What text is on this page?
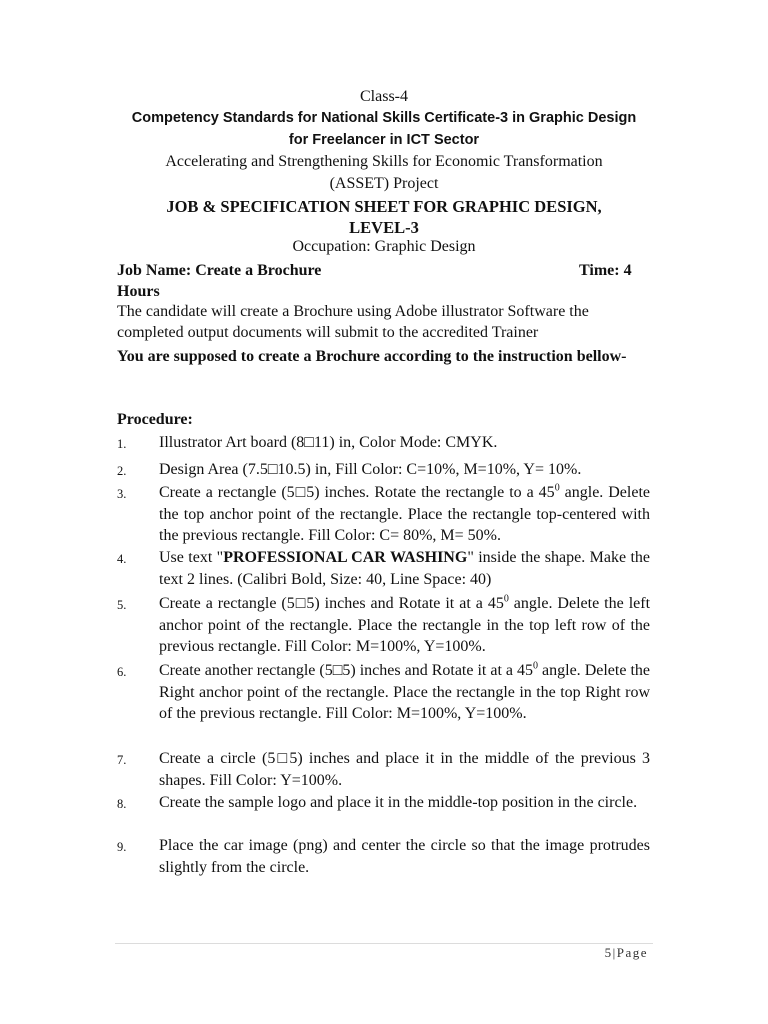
Class-4
Competency Standards for National Skills Certificate-3 in Graphic Design
for Freelancer in ICT Sector
Accelerating and Strengthening Skills for Economic Transformation
(ASSET) Project
JOB & SPECIFICATION SHEET FOR GRAPHIC DESIGN,
LEVEL-3
Occupation: Graphic Design
Job Name: Create a Brochure	Time: 4
Hours
The candidate will create a Brochure using Adobe illustrator Software the completed output documents will submit to the accredited Trainer
You are supposed to create a Brochure according to the instruction bellow-
Procedure:
1. Illustrator Art board (8□11) in, Color Mode: CMYK.
2. Design Area (7.5□10.5) in, Fill Color: C=10%, M=10%, Y= 10%.
3. Create a rectangle (5□5) inches. Rotate the rectangle to a $45^0$ angle. Delete the top anchor point of the rectangle. Place the rectangle top-centered with the previous rectangle. Fill Color: C= 80%, M= 50%.
4. Use text "PROFESSIONAL CAR WASHING" inside the shape. Make the text 2 lines. (Calibri Bold, Size: 40, Line Space: 40)
5. Create a rectangle (5□5) inches and Rotate it at a $45^0$ angle. Delete the left anchor point of the rectangle. Place the rectangle in the top left row of the previous rectangle. Fill Color: M=100%, Y=100%.
6. Create another rectangle (5□5) inches and Rotate it at a $45^0$ angle. Delete the Right anchor point of the rectangle. Place the rectangle in the top Right row of the previous rectangle. Fill Color: M=100%, Y=100%.
7. Create a circle (5□5) inches and place it in the middle of the previous 3 shapes. Fill Color: Y=100%.
8. Create the sample logo and place it in the middle-top position in the circle.
9. Place the car image (png) and center the circle so that the image protrudes slightly from the circle.
5|Page
